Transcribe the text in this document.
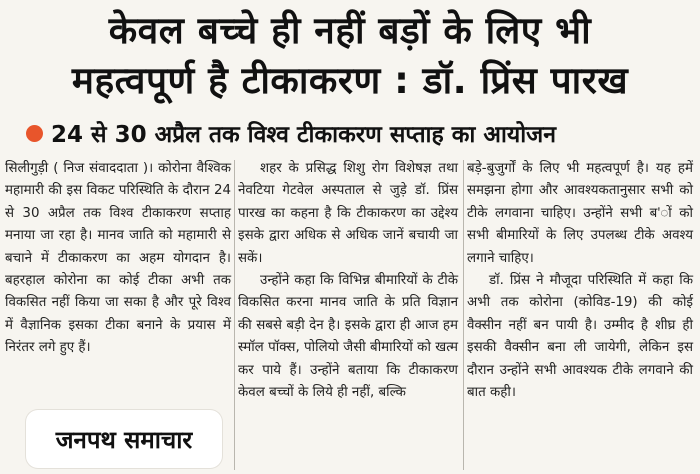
केवल बच्चे ही नहीं बड़ों के लिए भी
महत्वपूर्ण है टीकाकरण : डॉ. प्रिंस पारख
24 से 30 अप्रैल तक विश्व टीकाकरण सप्ताह का आयोजन

सिलीगुड़ी ( निज संवाददाता )। कोरोना वैश्विक महामारी की इस विकट परिस्थिति के दौरान 24 से 30 अप्रैल तक विश्व टीकाकरण सप्ताह मनाया जा रहा है। मानव जाति को महामारी से बचाने में टीकाकरण का अहम योगदान है। बहरहाल कोरोना का कोई टीका अभी तक विकसित नहीं किया जा सका है और पूरे विश्व में वैज्ञानिक इसका टीका बनाने के प्रयास में निरंतर लगे हुए हैं।

शहर के प्रसिद्ध शिशु रोग विशेषज्ञ तथा नेवटिया गेटवेल अस्पताल से जुड़े डॉ. प्रिंस पारख का कहना है कि टीकाकरण का उद्देश्य इसके द्वारा अधिक से अधिक जानें बचायी जा सकें।

उन्होंने कहा कि विभिन्न बीमारियों के टीके विकसित करना मानव जाति के प्रति विज्ञान की सबसे बड़ी देन है। इसके द्वारा ही आज हम स्मॉल पॉक्स, पोलियो जैसी बीमारियों को खत्म कर पाये हैं। उन्होंने बताया कि टीकाकरण केवल बच्चों के लिये ही नहीं, बल्कि

बड़े-बुजुर्गों के लिए भी महत्वपूर्ण है। यह हमें समझना होगा और आवश्यकतानुसार सभी को टीके लगवाना चाहिए। उन्होंने सभी ब'ों को सभी बीमारियों के लिए उपलब्ध टीके अवश्य लगाने चाहिए।

डॉ. प्रिंस ने मौजूदा परिस्थिति में कहा कि अभी तक कोरोना (कोविड-19) की कोई वैक्सीन नहीं बन पायी है। उम्मीद है शीघ्र ही इसकी वैक्सीन बना ली जायेगी, लेकिन इस दौरान उन्होंने सभी आवश्यक टीके लगवाने की बात कही।

जनपथ समाचार
